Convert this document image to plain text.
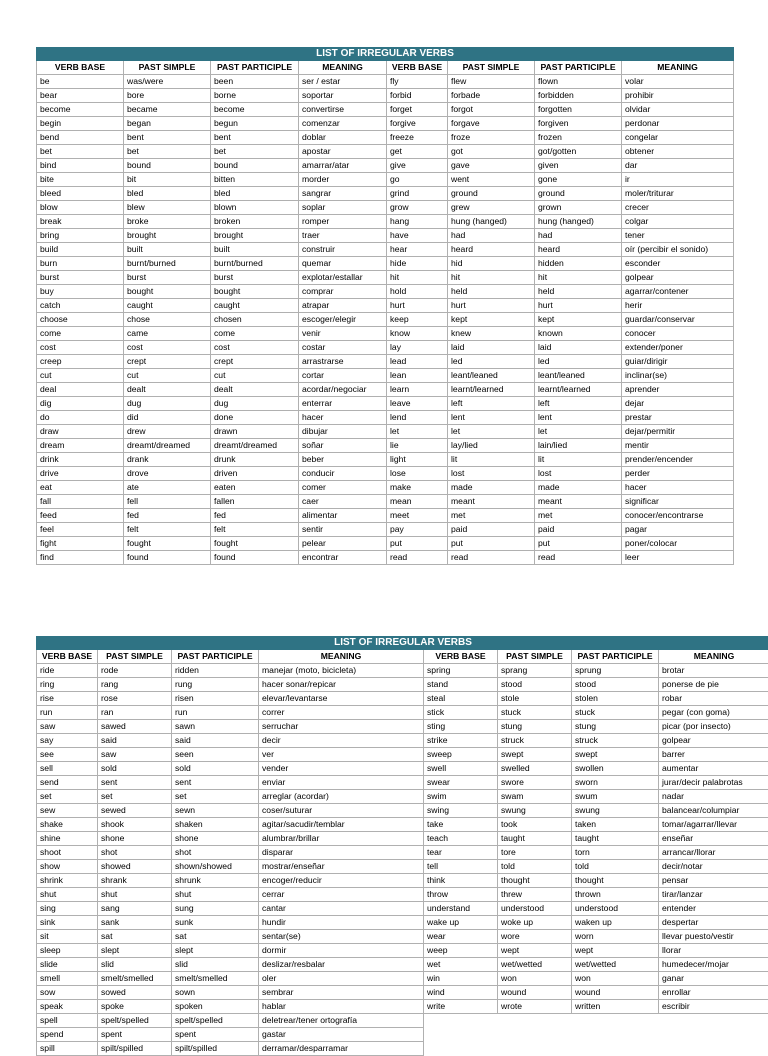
LIST OF IRREGULAR VERBS							
VERB BASE	PAST SIMPLE	PAST PARTICIPLE	MEANING	VERB BASE	PAST SIMPLE	PAST PARTICIPLE	MEANING
be	was/were	been	ser / estar	fly	flew	flown	volar
bear	bore	borne	soportar	forbid	forbade	forbidden	prohibir
become	became	become	convertirse	forget	forgot	forgotten	olvidar
begin	began	begun	comenzar	forgive	forgave	forgiven	perdonar
bend	bent	bent	doblar	freeze	froze	frozen	congelar
bet	bet	bet	apostar	get	got	got/gotten	obtener
bind	bound	bound	amarrar/atar	give	gave	given	dar
bite	bit	bitten	morder	go	went	gone	ir
bleed	bled	bled	sangrar	grind	ground	ground	moler/triturar
blow	blew	blown	soplar	grow	grew	grown	crecer
break	broke	broken	romper	hang	hung (hanged)	hung (hanged)	colgar
bring	brought	brought	traer	have	had	had	tener
build	built	built	construir	hear	heard	heard	oír (percibir el sonido)
burn	burnt/burned	burnt/burned	quemar	hide	hid	hidden	esconder
burst	burst	burst	explotar/estallar	hit	hit	hit	golpear
buy	bought	bought	comprar	hold	held	held	agarrar/contener
catch	caught	caught	atrapar	hurt	hurt	hurt	herir
choose	chose	chosen	escoger/elegir	keep	kept	kept	guardar/conservar
come	came	come	venir	know	knew	known	conocer
cost	cost	cost	costar	lay	laid	laid	extender/poner
creep	crept	crept	arrastrarse	lead	led	led	guiar/dirigir
cut	cut	cut	cortar	lean	leant/leaned	leant/leaned	inclinar(se)
deal	dealt	dealt	acordar/negociar	learn	learnt/learned	learnt/learned	aprender
dig	dug	dug	enterrar	leave	left	left	dejar
do	did	done	hacer	lend	lent	lent	prestar
draw	drew	drawn	dibujar	let	let	let	dejar/permitir
dream	dreamt/dreamed	dreamt/dreamed	soñar	lie	lay/lied	lain/lied	mentir
drink	drank	drunk	beber	light	lit	lit	prender/encender
drive	drove	driven	conducir	lose	lost	lost	perder
eat	ate	eaten	comer	make	made	made	hacer
fall	fell	fallen	caer	mean	meant	meant	significar
feed	fed	fed	alimentar	meet	met	met	conocer/encontrarse
feel	felt	felt	sentir	pay	paid	paid	pagar
fight	fought	fought	pelear	put	put	put	poner/colocar
find	found	found	encontrar	read	read	read	leer
LIST OF IRREGULAR VERBS							
VERB BASE	PAST SIMPLE	PAST PARTICIPLE	MEANING	VERB BASE	PAST SIMPLE	PAST PARTICIPLE	MEANING
ride	rode	ridden	manejar (moto, bicicleta)	spring	sprang	sprung	brotar
ring	rang	rung	hacer sonar/repicar	stand	stood	stood	ponerse de pie
rise	rose	risen	elevar/levantarse	steal	stole	stolen	robar
run	ran	run	correr	stick	stuck	stuck	pegar (con goma)
saw	sawed	sawn	serruchar	sting	stung	stung	picar (por insecto)
say	said	said	decir	strike	struck	struck	golpear
see	saw	seen	ver	sweep	swept	swept	barrer
sell	sold	sold	vender	swell	swelled	swollen	aumentar
send	sent	sent	enviar	swear	swore	sworn	jurar/decir palabrotas
set	set	set	arreglar (acordar)	swim	swam	swum	nadar
sew	sewed	sewn	coser/suturar	swing	swung	swung	balancear/columpiar
shake	shook	shaken	agitar/sacudir/temblar	take	took	taken	tomar/agarrar/llevar
shine	shone	shone	alumbrar/brillar	teach	taught	taught	enseñar
shoot	shot	shot	disparar	tear	tore	torn	arrancar/llorar
show	showed	shown/showed	mostrar/enseñar	tell	told	told	decir/notar
shrink	shrank	shrunk	encoger/reducir	think	thought	thought	pensar
shut	shut	shut	cerrar	throw	threw	thrown	tirar/lanzar
sing	sang	sung	cantar	understand	understood	understood	entender
sink	sank	sunk	hundir	wake up	woke up	waken up	despertar
sit	sat	sat	sentar(se)	wear	wore	worn	llevar puesto/vestir
sleep	slept	slept	dormir	weep	wept	wept	llorar
slide	slid	slid	deslizar/resbalar	wet	wet/wetted	wet/wetted	humedecer/mojar
smell	smelt/smelled	smelt/smelled	oler	win	won	won	ganar
sow	sowed	sown	sembrar	wind	wound	wound	enrollar
speak	spoke	spoken	hablar	write	wrote	written	escribir
spell	spelt/spelled	spelt/spelled	deletrear/tener ortografía				
spend	spent	spent	gastar				
spill	spilt/spilled	spilt/spilled	derramar/desparramar				
